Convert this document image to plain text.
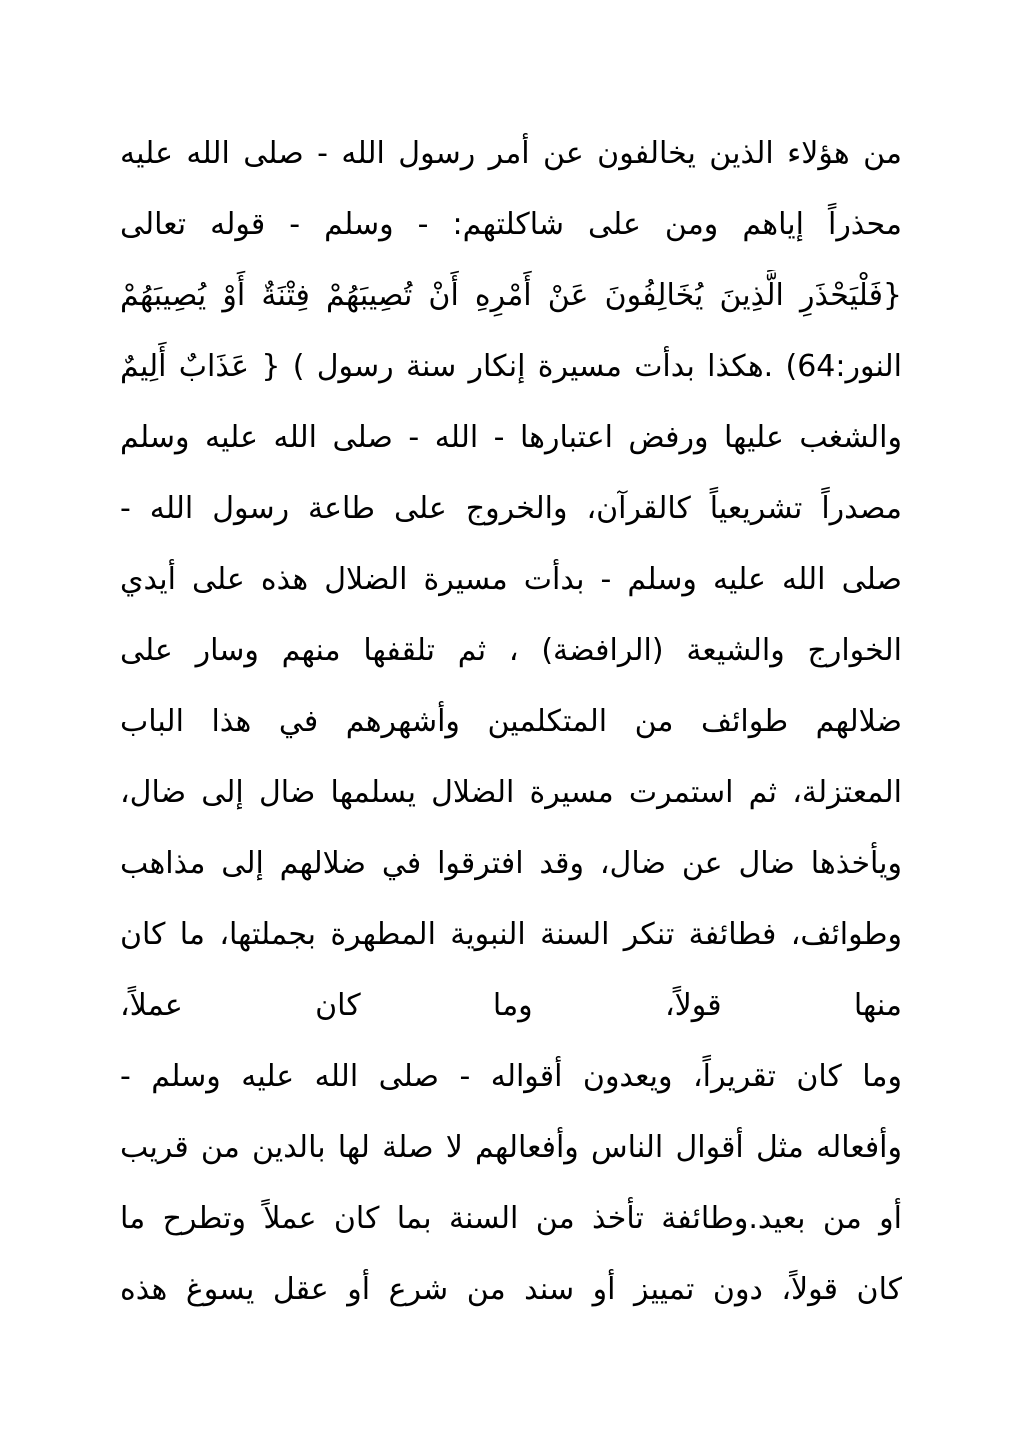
من هؤلاء الذين يخالفون عن أمر رسول الله - صلى الله عليه
محذراً إياهم ومن على شاكلتهم: - وسلم - قوله تعالى
{فَلْيَحْذَرِ الَّذِينَ يُخَالِفُونَ عَنْ أَمْرِهِ أَنْ تُصِيبَهُمْ فِتْنَةٌ أَوْ يُصِيبَهُمْ
النور:64) .هكذا بدأت مسيرة إنكار سنة رسول ) { عَذَابٌ أَلِيمٌ
والشغب عليها ورفض اعتبارها - الله - صلى الله عليه وسلم
مصدراً تشريعياً كالقرآن، والخروج على طاعة رسول الله -
صلى الله عليه وسلم - بدأت مسيرة الضلال هذه على أيدي
الخوارج والشيعة (الرافضة) ، ثم تلقفها منهم وسار على
ضلالهم طوائف من المتكلمين وأشهرهم في هذا الباب
المعتزلة، ثم استمرت مسيرة الضلال يسلمها ضال إلى ضال،
ويأخذها ضال عن ضال، وقد افترقوا في ضلالهم إلى مذاهب
وطوائف، فطائفة تنكر السنة النبوية المطهرة بجملتها، ما كان
منها قولاً، وما كان عملاً،
وما كان تقريراً، ويعدون أقواله - صلى الله عليه وسلم -
وأفعاله مثل أقوال الناس وأفعالهم لا صلة لها بالدين من قريب
أو من بعيد.وطائفة تأخذ من السنة بما كان عملاً وتطرح ما
كان قولاً، دون تمييز أو سند من شرع أو عقل يسوغ هذه
